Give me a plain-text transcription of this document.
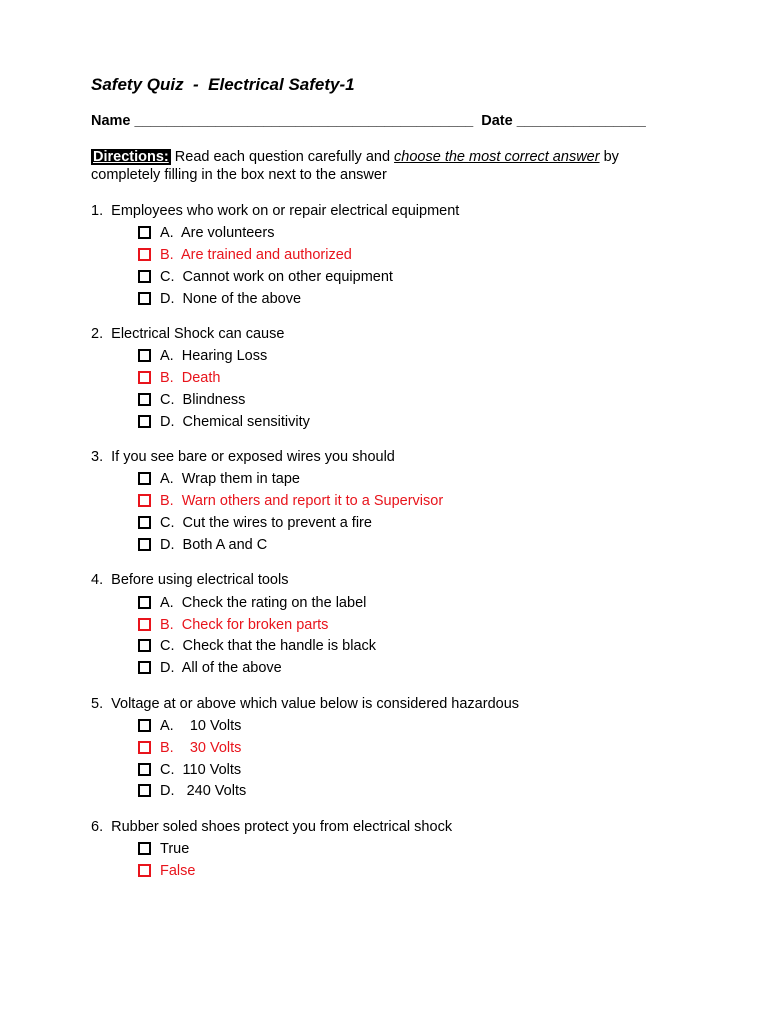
Safety Quiz  -  Electrical Safety-1
Name __________________________________________  Date ________________
Directions: Read each question carefully and choose the most correct answer by completely filling in the box next to the answer
1.  Employees who work on or repair electrical equipment
A.  Are volunteers
B.  Are trained and authorized
C.  Cannot work on other equipment
D.  None of the above
2.  Electrical Shock can cause
A.  Hearing Loss
B.  Death
C.  Blindness
D.  Chemical sensitivity
3.  If you see bare or exposed wires you should
A.  Wrap them in tape
B.  Warn others and report it to a Supervisor
C.  Cut the wires to prevent a fire
D.  Both A and C
4.  Before using electrical tools
A.  Check the rating on the label
B.  Check for broken parts
C.  Check that the handle is black
D.  All of the above
5.  Voltage at or above which value below is considered hazardous
A.    10 Volts
B.    30 Volts
C.  110 Volts
D.   240 Volts
6.  Rubber soled shoes protect you from electrical shock
True
False
